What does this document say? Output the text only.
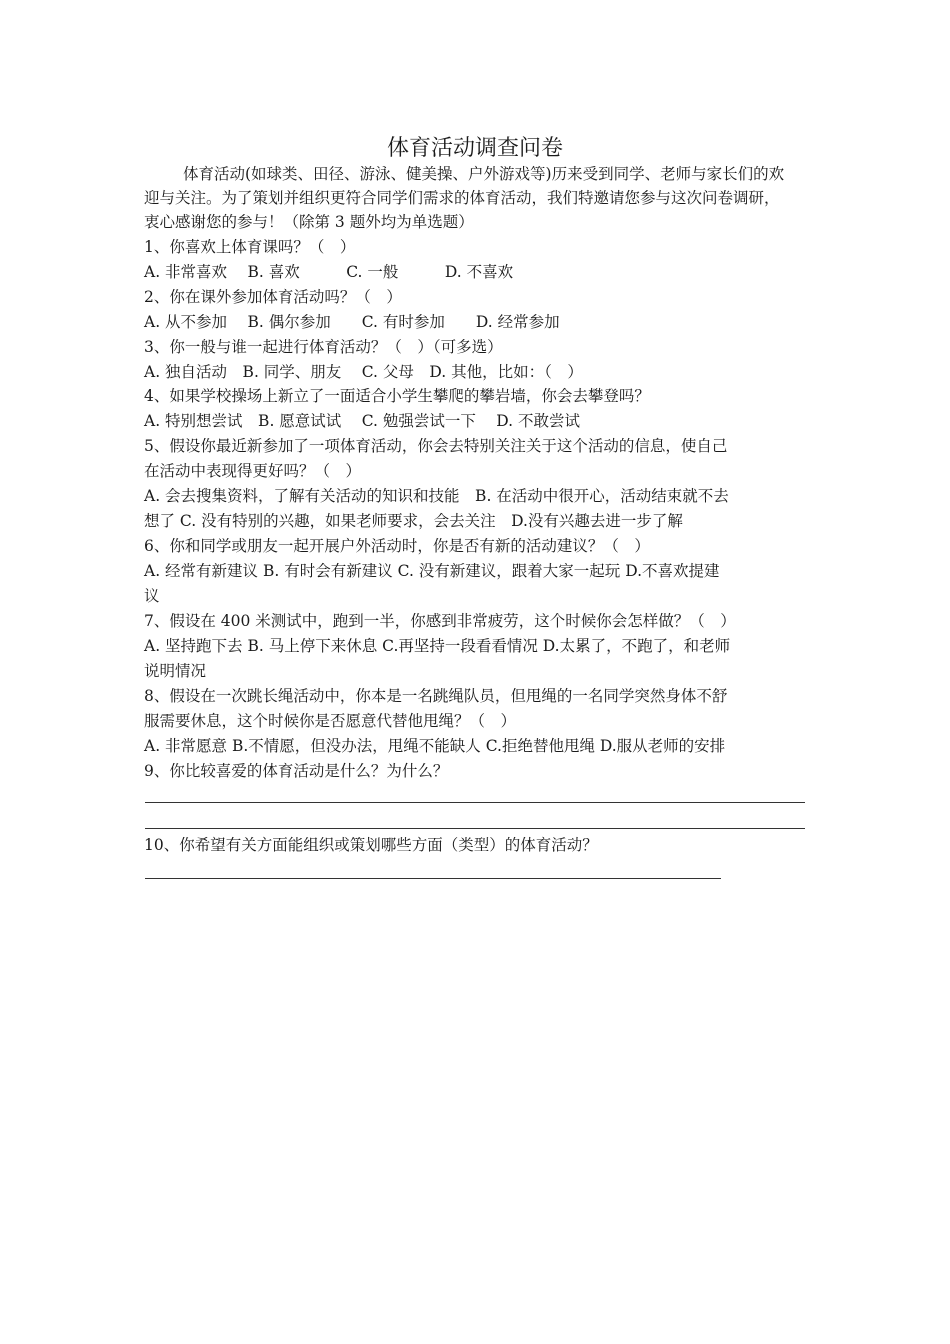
体育活动调查问卷
体育活动(如球类、田径、游泳、健美操、户外游戏等)历来受到同学、老师与家长们的欢
迎与关注。为了策划并组织更符合同学们需求的体育活动，我们特邀请您参与这次问卷调研，
衷心感谢您的参与！（除第 3 题外均为单选题）
1、你喜欢上体育课吗？（　）
A. 非常喜欢　 B. 喜欢　　　C. 一般　　　D. 不喜欢
2、你在课外参加体育活动吗？（　）
A. 从不参加　 B. 偶尔参加　　C. 有时参加　　D. 经常参加
3、你一般与谁一起进行体育活动？（　）（可多选）
A. 独自活动　B. 同学、朋友　 C. 父母　D. 其他，比如：（　）
4、如果学校操场上新立了一面适合小学生攀爬的攀岩墙，你会去攀登吗？
A. 特别想尝试　B. 愿意试试　 C. 勉强尝试一下　 D. 不敢尝试
5、假设你最近新参加了一项体育活动，你会去特别关注关于这个活动的信息，使自己
在活动中表现得更好吗？（　）
A. 会去搜集资料，了解有关活动的知识和技能　B. 在活动中很开心，活动结束就不去
想了 C. 没有特别的兴趣，如果老师要求，会去关注　D.没有兴趣去进一步了解
6、你和同学或朋友一起开展户外活动时，你是否有新的活动建议？（　）
A. 经常有新建议 B. 有时会有新建议 C. 没有新建议，跟着大家一起玩 D.不喜欢提建
议
7、假设在 400 米测试中，跑到一半，你感到非常疲劳，这个时候你会怎样做？（　）
A. 坚持跑下去 B. 马上停下来休息 C.再坚持一段看看情况 D.太累了，不跑了，和老师
说明情况
8、假设在一次跳长绳活动中，你本是一名跳绳队员，但甩绳的一名同学突然身体不舒
服需要休息，这个时候你是否愿意代替他甩绳？（　）
A. 非常愿意 B.不情愿，但没办法，甩绳不能缺人 C.拒绝替他甩绳 D.服从老师的安排
9、你比较喜爱的体育活动是什么？为什么？
10、你希望有关方面能组织或策划哪些方面（类型）的体育活动？
